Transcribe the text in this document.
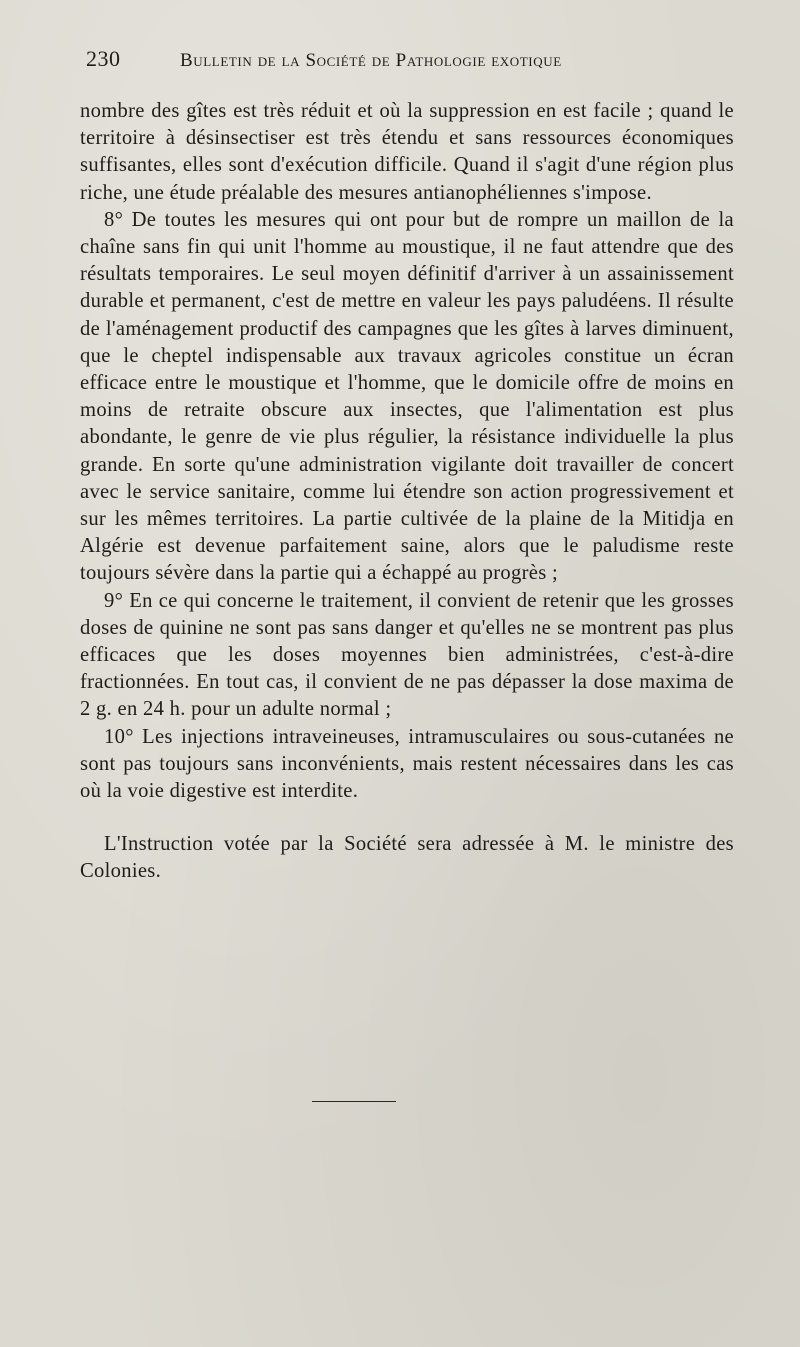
230	Bulletin de la Société de Pathologie exotique

nombre des gîtes est très réduit et où la suppression en est facile ; quand le territoire à désinsectiser est très étendu et sans ressources économiques suffisantes, elles sont d'exécution difficile. Quand il s'agit d'une région plus riche, une étude préalable des mesures antianophéliennes s'impose.

8° De toutes les mesures qui ont pour but de rompre un maillon de la chaîne sans fin qui unit l'homme au moustique, il ne faut attendre que des résultats temporaires. Le seul moyen définitif d'arriver à un assainissement durable et permanent, c'est de mettre en valeur les pays paludéens. Il résulte de l'aménagement productif des campagnes que les gîtes à larves diminuent, que le cheptel indispensable aux travaux agricoles constitue un écran efficace entre le moustique et l'homme, que le domicile offre de moins en moins de retraite obscure aux insectes, que l'alimentation est plus abondante, le genre de vie plus régulier, la résistance individuelle la plus grande. En sorte qu'une administration vigilante doit travailler de concert avec le service sanitaire, comme lui étendre son action progressivement et sur les mêmes territoires. La partie cultivée de la plaine de la Mitidja en Algérie est devenue parfaitement saine, alors que le paludisme reste toujours sévère dans la partie qui a échappé au progrès ;

9° En ce qui concerne le traitement, il convient de retenir que les grosses doses de quinine ne sont pas sans danger et qu'elles ne se montrent pas plus efficaces que les doses moyennes bien administrées, c'est-à-dire fractionnées. En tout cas, il convient de ne pas dépasser la dose maxima de 2 g. en 24 h. pour un adulte normal ;

10° Les injections intraveineuses, intramusculaires ou sous-cutanées ne sont pas toujours sans inconvénients, mais restent nécessaires dans les cas où la voie digestive est interdite.

L'Instruction votée par la Société sera adressée à M. le ministre des Colonies.
